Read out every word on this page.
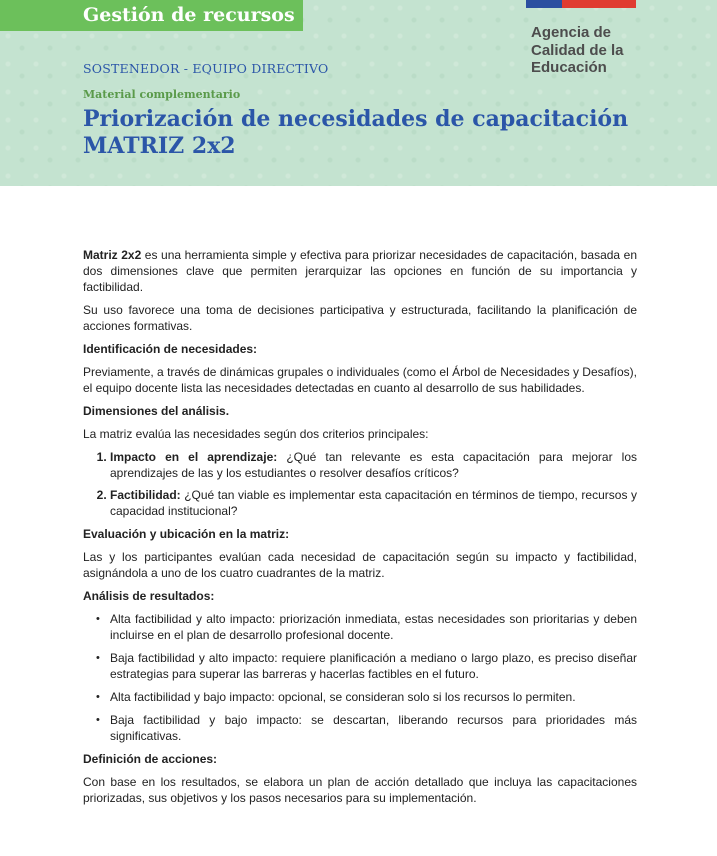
Gestión de recursos
Agencia de
Calidad de la
Educación
SOSTENEDOR - EQUIPO DIRECTIVO
Material complementario
Priorización de necesidades de capacitación
MATRIZ 2x2

Matriz 2x2 es una herramienta simple y efectiva para priorizar necesidades de capacitación, basada en dos dimensiones clave que permiten jerarquizar las opciones en función de su importancia y factibilidad.

Su uso favorece una toma de decisiones participativa y estructurada, facilitando la planificación de acciones formativas.

Identificación de necesidades:

Previamente, a través de dinámicas grupales o individuales (como el Árbol de Necesidades y Desafíos), el equipo docente lista las necesidades detectadas en cuanto al desarrollo de sus habilidades.

Dimensiones del análisis.

La matriz evalúa las necesidades según dos criterios principales:

1. Impacto en el aprendizaje: ¿Qué tan relevante es esta capacitación para mejorar los aprendizajes de las y los estudiantes o resolver desafíos críticos?
2. Factibilidad: ¿Qué tan viable es implementar esta capacitación en términos de tiempo, recursos y capacidad institucional?
Evaluación y ubicación en la matriz:

Las y los participantes evalúan cada necesidad de capacitación según su impacto y factibilidad, asignándola a uno de los cuatro cuadrantes de la matriz.

Análisis de resultados:
• Alta factibilidad y alto impacto: priorización inmediata, estas necesidades son prioritarias y deben incluirse en el plan de desarrollo profesional docente.
• Baja factibilidad y alto impacto: requiere planificación a mediano o largo plazo, es preciso diseñar estrategias para superar las barreras y hacerlas factibles en el futuro.
• Alta factibilidad y bajo impacto: opcional, se consideran solo si los recursos lo permiten.
• Baja factibilidad y bajo impacto: se descartan, liberando recursos para prioridades más significativas.
Definición de acciones:

Con base en los resultados, se elabora un plan de acción detallado que incluya las capacitaciones priorizadas, sus objetivos y los pasos necesarios para su implementación.
